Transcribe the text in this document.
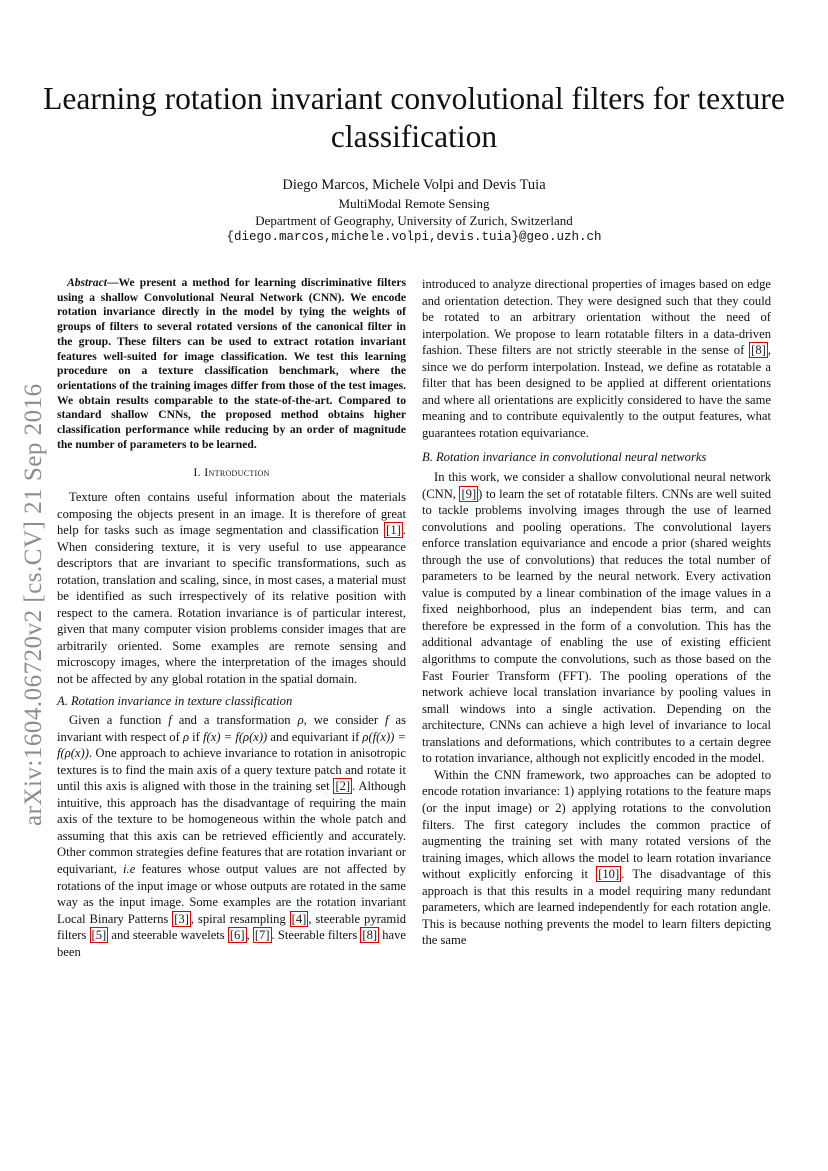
arXiv:1604.06720v2 [cs.CV] 21 Sep 2016
Learning rotation invariant convolutional filters for texture classification
Diego Marcos, Michele Volpi and Devis Tuia
MultiModal Remote Sensing
Department of Geography, University of Zurich, Switzerland
{diego.marcos,michele.volpi,devis.tuia}@geo.uzh.ch

Abstract—We present a method for learning discriminative filters using a shallow Convolutional Neural Network (CNN). We encode rotation invariance directly in the model by tying the weights of groups of filters to several rotated versions of the canonical filter in the group. These filters can be used to extract rotation invariant features well-suited for image classification. We test this learning procedure on a texture classification benchmark, where the orientations of the training images differ from those of the test images. We obtain results comparable to the state-of-the-art. Compared to standard shallow CNNs, the proposed method obtains higher classification performance while reducing by an order of magnitude the number of parameters to be learned.

I. Introduction

Texture often contains useful information about the materials composing the objects present in an image. It is therefore of great help for tasks such as image segmentation and classification [1] . When considering texture, it is very useful to use appearance descriptors that are invariant to specific transformations, such as rotation, translation and scaling, since, in most cases, a material must be identified as such irrespectively of its relative position with respect to the camera. Rotation invariance is of particular interest, given that many computer vision problems consider images that are arbitrarily oriented. Some examples are remote sensing and microscopy images, where the interpretation of the images should not be affected by any global rotation in the spatial domain.

A. Rotation invariance in texture classification

Given a function f and a transformation ρ, we consider f as invariant with respect of ρ if f(x) = f(ρ(x)) and equivariant if ρ(f(x)) = f(ρ(x)). One approach to achieve invariance to rotation in anisotropic textures is to find the main axis of a query texture patch and rotate it until this axis is aligned with those in the training set [2] . Although intuitive, this approach has the disadvantage of requiring the main axis of the texture to be homogeneous within the whole patch and assuming that this axis can be retrieved efficiently and accurately. Other common strategies define features that are rotation invariant or equivariant, i.e features whose output values are not affected by rotations of the input image or whose outputs are rotated in the same way as the input image. Some examples are the rotation invariant Local Binary Patterns [3] , spiral resampling [4] , steerable pyramid filters [5] and steerable wavelets [6] , [7] . Steerable filters [8] have been

introduced to analyze directional properties of images based on edge and orientation detection. They were designed such that they could be rotated to an arbitrary orientation without the need of interpolation. We propose to learn rotatable filters in a data-driven fashion. These filters are not strictly steerable in the sense of [8] , since we do perform interpolation. Instead, we define as rotatable a filter that has been designed to be applied at different orientations and where all orientations are explicitly considered to have the same meaning and to contribute equivalently to the output features, what guarantees rotation equivariance.

B. Rotation invariance in convolutional neural networks

In this work, we consider a shallow convolutional neural network (CNN, [9] ) to learn the set of rotatable filters. CNNs are well suited to tackle problems involving images through the use of learned convolutions and pooling operations. The convolutional layers enforce translation equivariance and encode a prior (shared weights through the use of convolutions) that reduces the total number of parameters to be learned by the neural network. Every activation value is computed by a linear combination of the image values in a fixed neighborhood, plus an independent bias term, and can therefore be expressed in the form of a convolution. This has the additional advantage of enabling the use of existing efficient algorithms to compute the convolutions, such as those based on the Fast Fourier Transform (FFT). The pooling operations of the network achieve local translation invariance by pooling values in small windows into a single activation. Depending on the architecture, CNNs can achieve a high level of invariance to local translations and deformations, which contributes to a certain degree to rotation invariance, although not explicitly encoded in the model.

Within the CNN framework, two approaches can be adopted to encode rotation invariance: 1) applying rotations to the feature maps (or the input image) or 2) applying rotations to the convolution filters. The first category includes the common practice of augmenting the training set with many rotated versions of the training images, which allows the model to learn rotation invariance without explicitly enforcing it [10] . The disadvantage of this approach is that this results in a model requiring many redundant parameters, which are learned independently for each rotation angle. This is because nothing prevents the model to learn filters depicting the same
